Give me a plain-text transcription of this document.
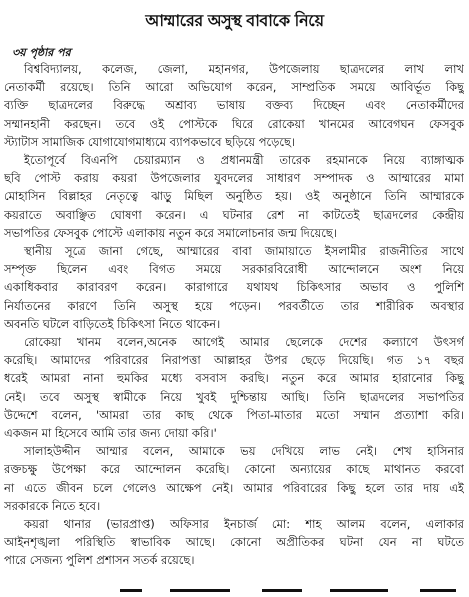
আম্মারের অসুস্থ বাবাকে নিয়ে
৩য় পৃষ্ঠার পর

বিশ্ববিদ্যালয়, কলেজ, জেলা, মহানগর, উপজেলায় ছাত্রদলের লাখ লাখ
নেতাকর্মী রয়েছে। তিনি আরো অভিযোগ করেন, সাম্প্রতিক সময়ে আবির্ভূত কিছু
ব্যক্তি ছাত্রদলের বিরুদ্ধে অশ্রাব্য ভাষায় বক্তব্য দিচ্ছেন এবং নেতাকর্মীদের
সম্মানহানী করছেন। তবে ওই পোস্টকে ঘিরে রোকেয়া খানমের আবেগঘন ফেসবুক
স্ট্যাটাস সামাজিক যোগাযোগমাধ্যমে ব্যাপকভাবে ছড়িয়ে পড়েছে।

ইতোপূর্বে বিএনপি চেয়ারম্যান ও প্রধানমন্ত্রী তারেক রহমানকে নিয়ে ব্যাঙ্গাত্মক
ছবি পোস্ট করায় কয়রা উপজেলার যুবদলের সাধারণ সম্পাদক ও আম্মারের মামা
মোহাসিন বিল্লাহর নেতৃত্বে ঝাড়ু মিছিল অনুষ্ঠিত হয়। ওই অনুষ্ঠানে তিনি আম্মারকে
কয়রাতে অবাঞ্ছিত ঘোষণা করেন। এ ঘটনার রেশ না কাটতেই ছাত্রদলের কেন্দ্রীয়
সভাপতির ফেসবুক পোস্টে এলাকায় নতুন করে সমালোচনার জন্ম দিয়েছে।

স্থানীয় সূত্রে জানা গেছে, আম্মারের বাবা জামায়াতে ইসলামীর রাজনীতির সাথে
সম্পৃক্ত ছিলেন এবং বিগত সময়ে সরকারবিরোধী আন্দোলনে অংশ নিয়ে
একাধিকবার কারাবরণ করেন। কারাগারে যথাযথ চিকিৎসার অভাব ও পুলিশি
নির্যাতনের কারণে তিনি অসুস্থ হয়ে পড়েন। পরবর্তীতে তার শারীরিক অবস্থার
অবনতি ঘটলে বাড়িতেই চিকিৎসা নিতে থাকেন।

রোকেয়া খানম বলেন,অনেক আগেই আমার ছেলেকে দেশের কল্যাণে উৎসর্গ
করেছি। আমাদের পরিবারের নিরাপত্তা আল্লাহর উপর ছেড়ে দিয়েছি। গত ১৭ বছর
ধরেই আমরা নানা হুমকির মধ্যে বসবাস করছি। নতুন করে আমার হারানোর কিছু
নেই। তবে অসুস্থ স্বামীকে নিয়ে খুবই দুশ্চিন্তায় আছি। তিনি ছাত্রদলের সভাপতির
উদ্দেশে বলেন, 'আমরা তার কাছ থেকে পিতা-মাতার মতো সম্মান প্রত্যাশা করি।
একজন মা হিসেবে আমি তার জন্য দোয়া করি।'

সালাহউদ্দীন আম্মার বলেন, আমাকে ভয় দেখিয়ে লাভ নেই। শেখ হাসিনার
রক্তচক্ষু উপেক্ষা করে আন্দোলন করেছি। কোনো অন্যায়ের কাছে মাথানত করবো
না এতে জীবন চলে গেলেও আক্ষেপ নেই। আমার পরিবারের কিছু হলে তার দায় এই
সরকারকে নিতে হবে।

কয়রা থানার (ভারপ্রাপ্ত) অফিসার ইনচার্জ মো: শাহ আলম বলেন, এলাকার
আইনশৃঙ্খলা পরিস্থিতি স্বাভাবিক আছে। কোনো অপ্রীতিকর ঘটনা যেন না ঘটতে
পারে সেজন্য পুলিশ প্রশাসন সতর্ক রয়েছে।
